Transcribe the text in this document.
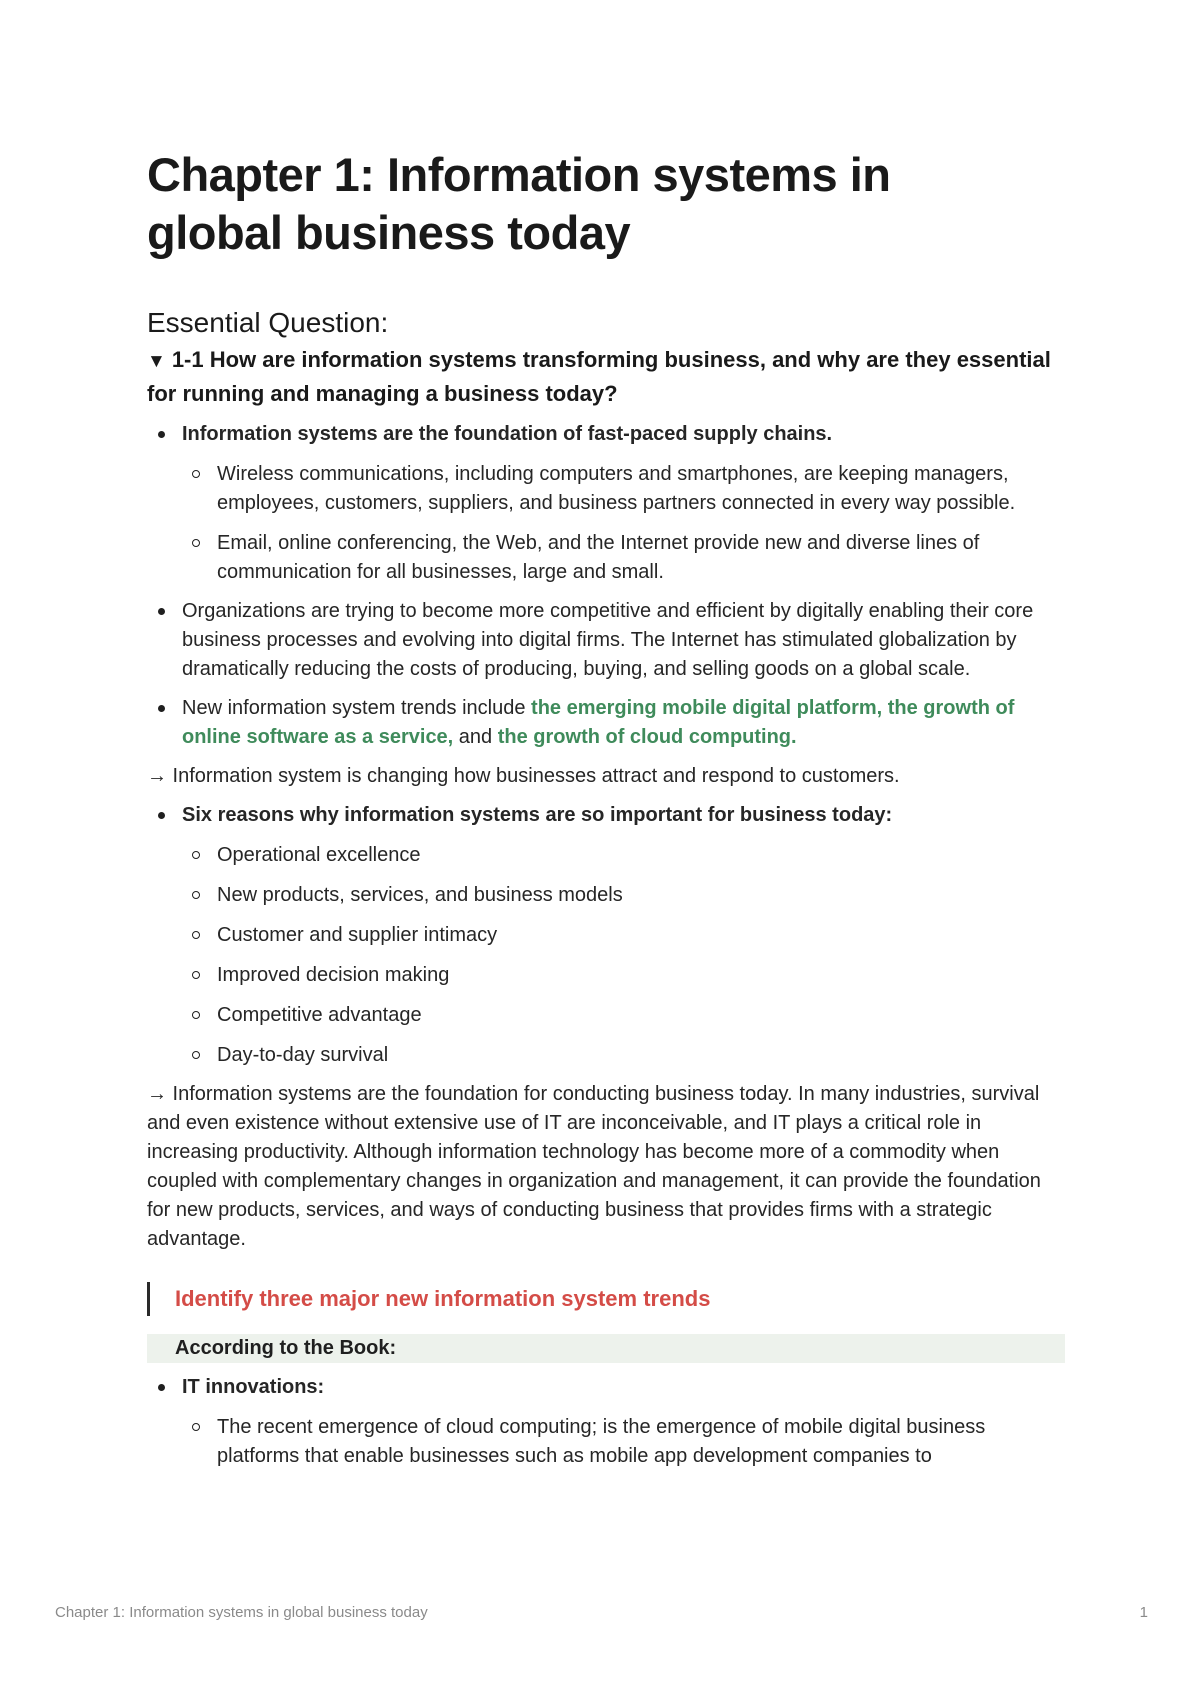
Chapter 1: Information systems in
global business today
Essential Question:
▼ 1-1 How are information systems transforming business, and why are they essential for running and managing a business today?
Information systems are the foundation of fast-paced supply chains.
Wireless communications, including computers and smartphones, are keeping managers, employees, customers, suppliers, and business partners connected in every way possible.
Email, online conferencing, the Web, and the Internet provide new and diverse lines of communication for all businesses, large and small.
Organizations are trying to become more competitive and efficient by digitally enabling their core business processes and evolving into digital firms. The Internet has stimulated globalization by dramatically reducing the costs of producing, buying, and selling goods on a global scale.
New information system trends include the emerging mobile digital platform, the growth of online software as a service, and the growth of cloud computing.
→ Information system is changing how businesses attract and respond to customers.
Six reasons why information systems are so important for business today:
Operational excellence
New products, services, and business models
Customer and supplier intimacy
Improved decision making
Competitive advantage
Day-to-day survival
→ Information systems are the foundation for conducting business today. In many industries, survival and even existence without extensive use of IT are inconceivable, and IT plays a critical role in increasing productivity. Although information technology has become more of a commodity when coupled with complementary changes in organization and management, it can provide the foundation for new products, services, and ways of conducting business that provides firms with a strategic advantage.
Identify three major new information system trends
According to the Book:
IT innovations:
The recent emergence of cloud computing; is the emergence of mobile digital business platforms that enable businesses such as mobile app development companies to
Chapter 1: Information systems in global business today	1
